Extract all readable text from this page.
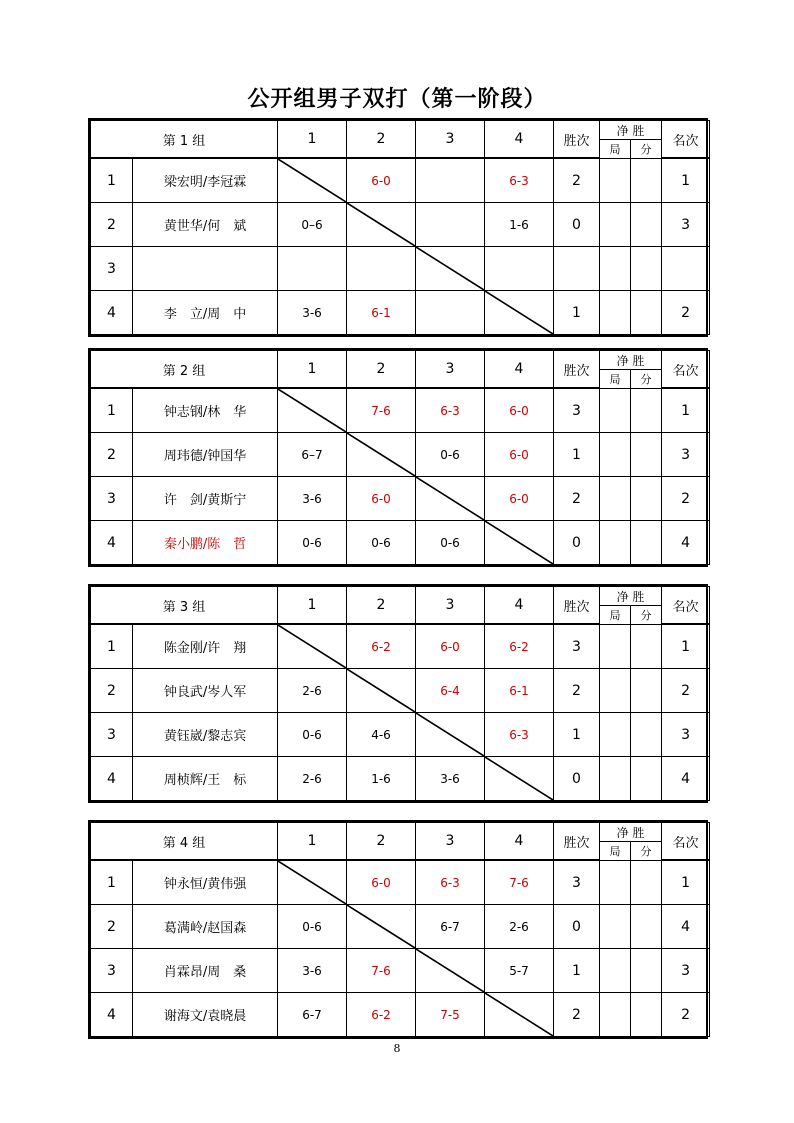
公开组男子双打（第一阶段）
第 1 组		1	2	3	4	胜次	净 胜		名次
							局	分	
1	梁宏明/李冠霖		6-0		6-3	2			1
2	黄世华/何　斌	0–6			1-6	0			3
3				

4	李　立/周　中	3-6	6-1			1			2
第 2 组		1	2	3	4	胜次	净 胜		名次
							局	分	
1	钟志钢/林　华		7-6	6-3	6-0	3			1
2	周玮德/钟国华	6–7		0-6	6-0	1			3
3	许　剑/黄斯宁	3-6	6-0		6-0	2			2
4	秦小鹏/陈　哲	0-6	0-6	0-6		0			4
第 3 组		1	2	3	4	胜次	净 胜		名次
							局	分	
1	陈金刚/许　翔		6-2	6-0	6-2	3			1
2	钟良武/岑人军	2-6		6-4	6-1	2			2
3	黄钰崴/黎志宾	0-6	4-6		6-3	1			3
4	周桢辉/王　标	2-6	1-6	3-6		0			4
第 4 组		1	2	3	4	胜次	净 胜		名次
							局	分	
1	钟永恒/黄伟强		6-0	6-3	7-6	3			1
2	葛满岭/赵国森	0-6		6-7	2-6	0			4
3	肖霖昂/周　桑	3-6	7-6		5-7	1			3
4	谢海文/袁晓晨	6-7	6-2	7-5		2			2
8
